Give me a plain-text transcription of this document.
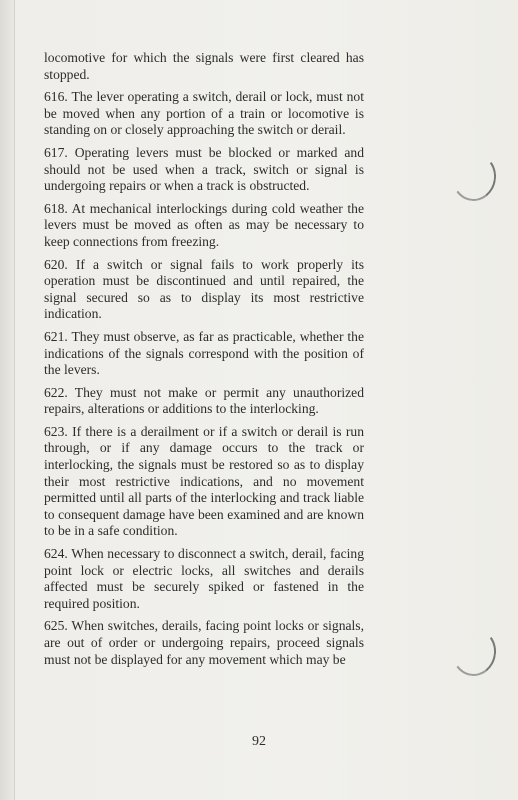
locomotive for which the signals were first cleared has stopped.

616. The lever operating a switch, derail or lock, must not be moved when any portion of a train or locomotive is standing on or closely approaching the switch or derail.

617. Operating levers must be blocked or marked and should not be used when a track, switch or signal is undergoing repairs or when a track is obstructed.

618. At mechanical interlockings during cold weather the levers must be moved as often as may be necessary to keep connections from freezing.

620. If a switch or signal fails to work properly its operation must be discontinued and until repaired, the signal secured so as to display its most restrictive indication.

621. They must observe, as far as practicable, whether the indications of the signals correspond with the position of the levers.

622. They must not make or permit any unauthorized repairs, alterations or additions to the interlocking.

623. If there is a derailment or if a switch or derail is run through, or if any damage occurs to the track or interlocking, the signals must be restored so as to display their most restrictive indications, and no movement permitted until all parts of the interlocking and track liable to consequent damage have been examined and are known to be in a safe condition.

624. When necessary to disconnect a switch, derail, facing point lock or electric locks, all switches and derails affected must be securely spiked or fastened in the required position.

625. When switches, derails, facing point locks or signals, are out of order or undergoing repairs, proceed signals must not be displayed for any movement which may be

92
